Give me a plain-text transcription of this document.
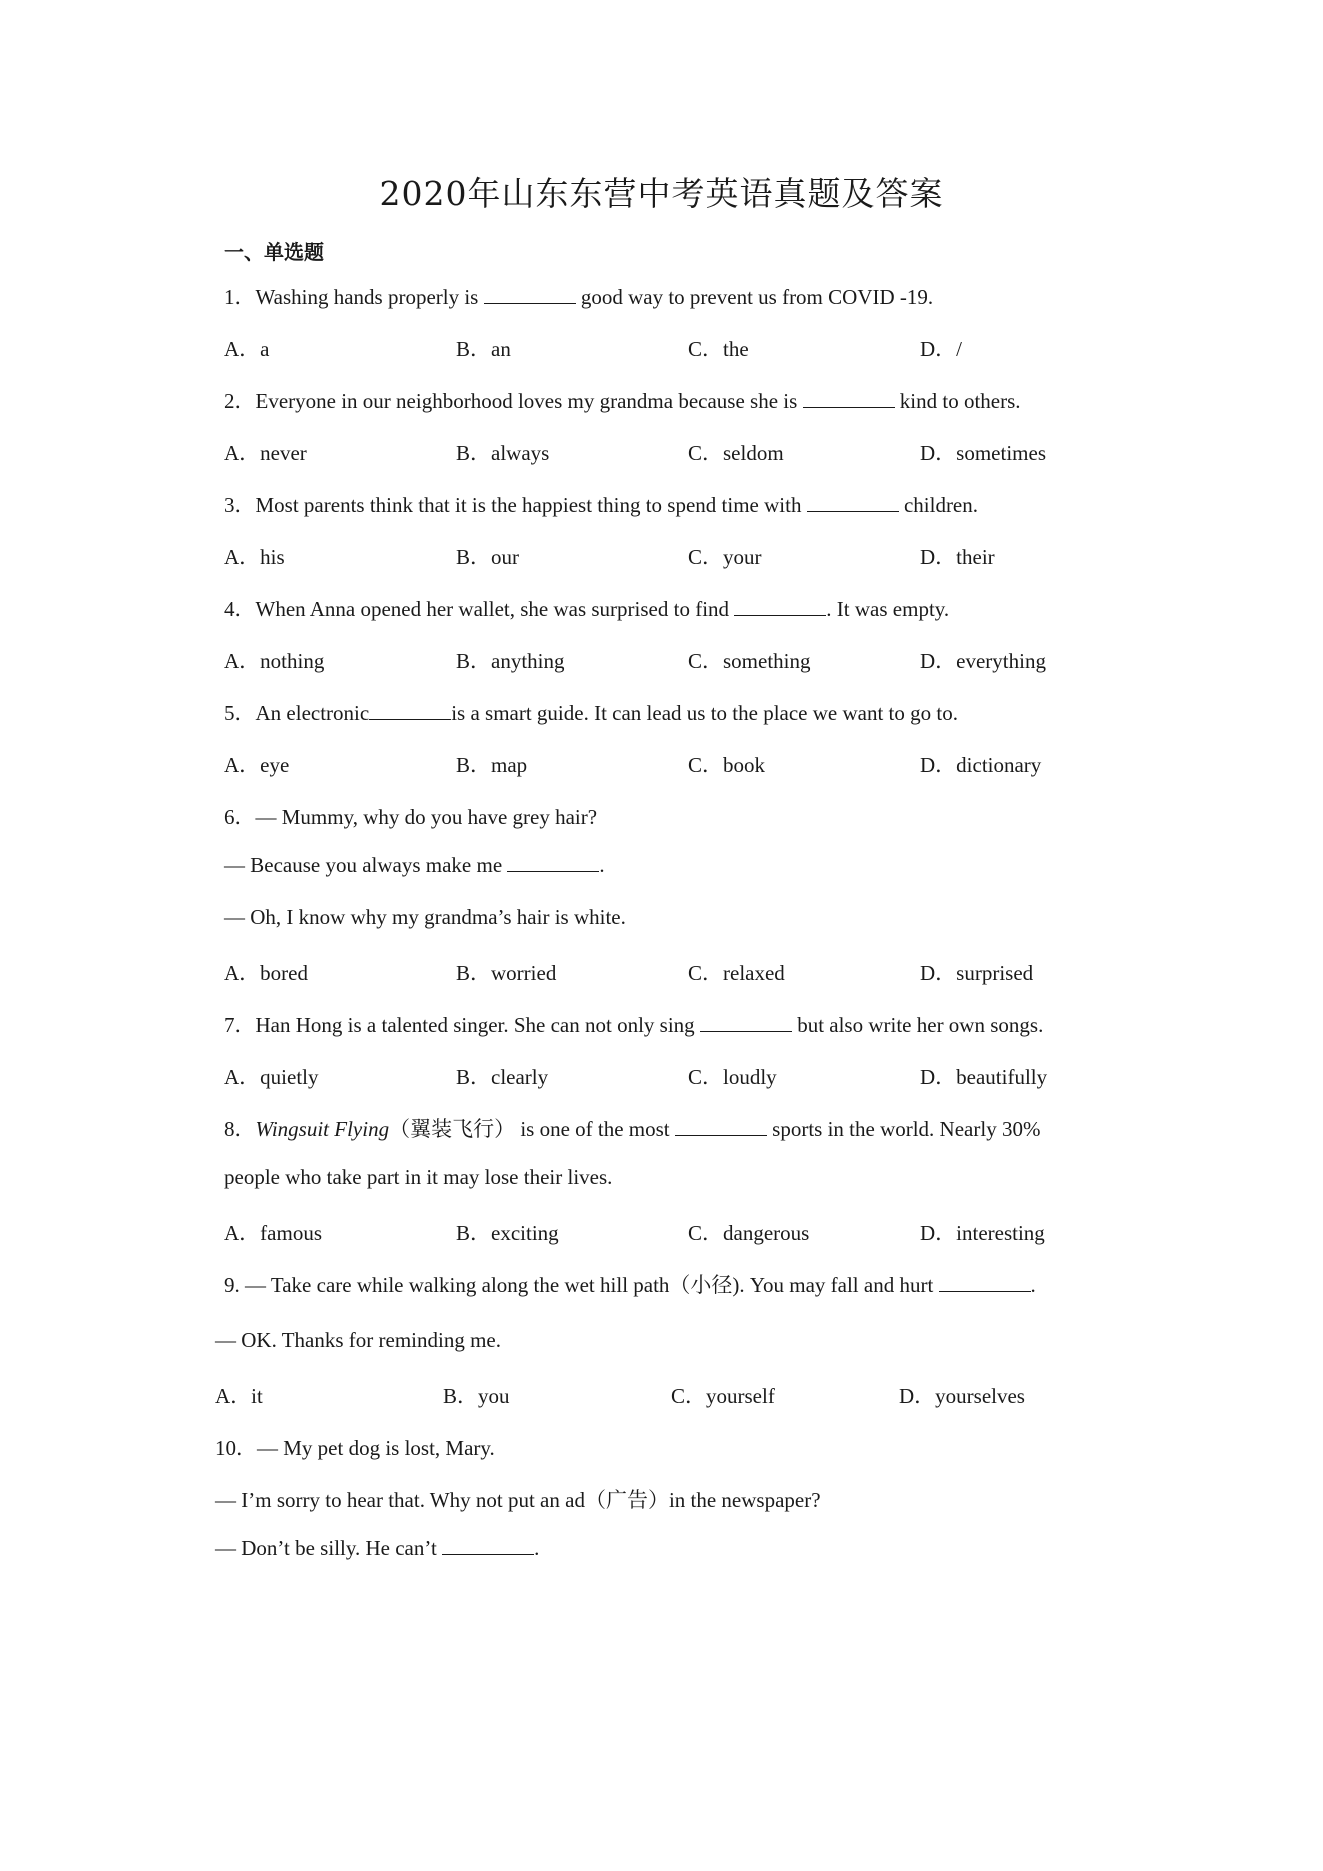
2020年山东东营中考英语真题及答案
一、单选题
1．Washing hands properly is	good way to prevent us from COVID -19.
A．a	B．an	C．the	D．/
2．Everyone in our neighborhood loves my grandma because she is	kind to others.
A．never	B．always	C．seldom	D．sometimes
3．Most parents think that it is the happiest thing to spend time with	children.
A．his	B．our	C．your	D．their
4．When Anna opened her wallet, she was surprised to find	. It was empty.
A．nothing	B．anything	C．something	D．everything
5．An electronic	is a smart guide. It can lead us to the place we want to go to.
A．eye	B．map	C．book	D．dictionary
6．— Mummy, why do you have grey hair?
— Because you always make me	.
— Oh, I know why my grandma’s hair is white.
A．bored	B．worried	C．relaxed	D．surprised
7．Han Hong is a talented singer. She can not only sing	but also write her own songs.
A．quietly	B．clearly	C．loudly	D．beautifully
8．Wingsuit Flying（翼装飞行） is one of the most	sports in the world. Nearly 30%
people who take part in it may lose their lives.
A．famous	B．exciting	C．dangerous	D．interesting
9. — Take care while walking along the wet hill path（小径). You may fall and hurt	.
— OK. Thanks for reminding me.
A．it	B．you	C．yourself	D．yourselves
10．— My pet dog is lost, Mary.
— I’m sorry to hear that. Why not put an ad（广告）in the newspaper?
— Don’t be silly. He can’t	.
